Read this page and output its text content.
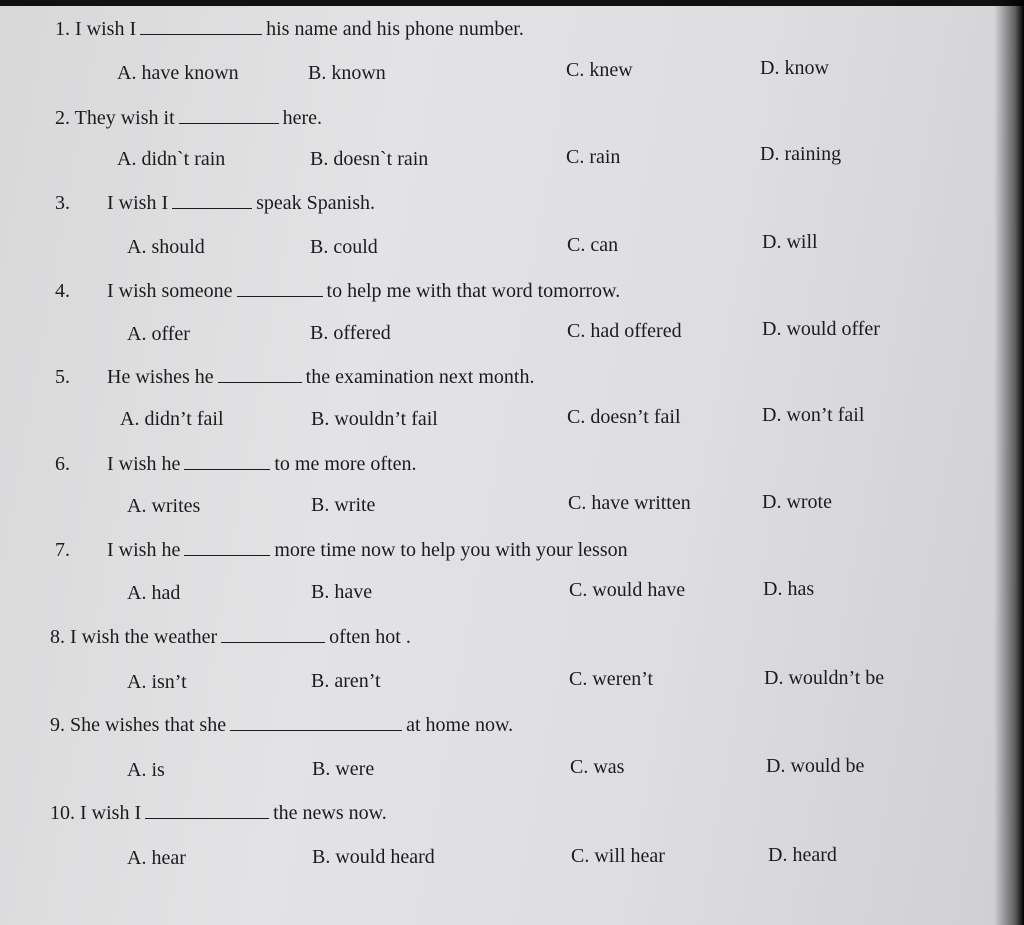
1. I wish I	his name and his phone number.
A. have known	B. known	C. knew	D. know
2. They wish it	here.
A. didn`t rain	B. doesn`t rain	C. rain	D. raining
3. I wish I	speak Spanish.
A. should	B. could	C. can	D. will
4. I wish someone	to help me with that word tomorrow.
A. offer	B. offered	C. had offered	D. would offer
5. He wishes he	the examination next month.
A. didn’t fail	B. wouldn’t fail	C. doesn’t fail	D. won’t fail
6. I wish he	to me more often.
A. writes	B. write	C. have written	D. wrote
7. I wish he	more time now to help you with your lesson
A. had	B. have	C. would have	D. has
8. I wish the weather	often hot .
A. isn’t	B. aren’t	C. weren’t	D. wouldn’t be
9. She wishes that she	at home now.
A. is	B. were	C. was	D. would be
10. I wish I	the news now.
A. hear	B. would heard	C. will hear	D. heard
